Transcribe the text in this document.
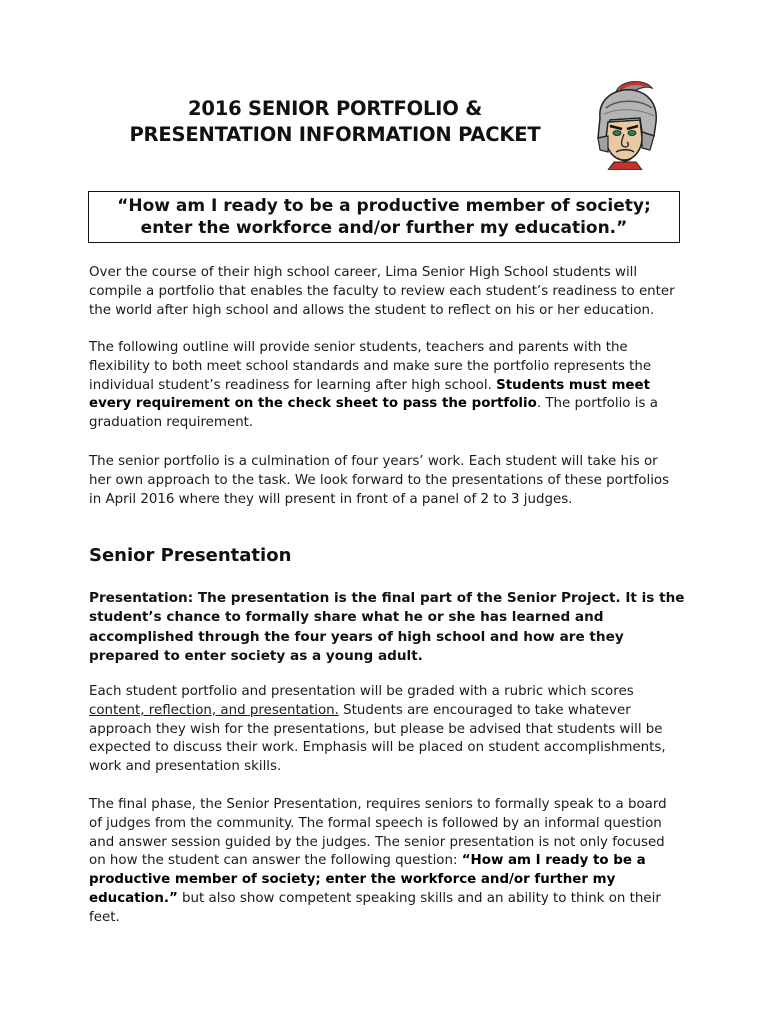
2016 SENIOR PORTFOLIO &
PRESENTATION INFORMATION PACKET
“How am I ready to be a productive member of society;
enter the workforce and/or further my education.”
Over the course of their high school career, Lima Senior High School students will
compile a portfolio that enables the faculty to review each student’s readiness to enter
the world after high school and allows the student to reflect on his or her education.
The following outline will provide senior students, teachers and parents with the
flexibility to both meet school standards and make sure the portfolio represents the
individual student’s readiness for learning after high school. Students must meet
every requirement on the check sheet to pass the portfolio. The portfolio is a
graduation requirement.
The senior portfolio is a culmination of four years’ work. Each student will take his or
her own approach to the task. We look forward to the presentations of these portfolios
in April 2016 where they will present in front of a panel of 2 to 3 judges.
Senior Presentation
Presentation: The presentation is the final part of the Senior Project. It is the
student’s chance to formally share what he or she has learned and
accomplished through the four years of high school and how are they
prepared to enter society as a young adult.
Each student portfolio and presentation will be graded with a rubric which scores
content, reflection, and presentation. Students are encouraged to take whatever
approach they wish for the presentations, but please be advised that students will be
expected to discuss their work. Emphasis will be placed on student accomplishments,
work and presentation skills.
The final phase, the Senior Presentation, requires seniors to formally speak to a board
of judges from the community. The formal speech is followed by an informal question
and answer session guided by the judges. The senior presentation is not only focused
on how the student can answer the following question: “How am I ready to be a
productive member of society; enter the workforce and/or further my
education.” but also show competent speaking skills and an ability to think on their
feet.
